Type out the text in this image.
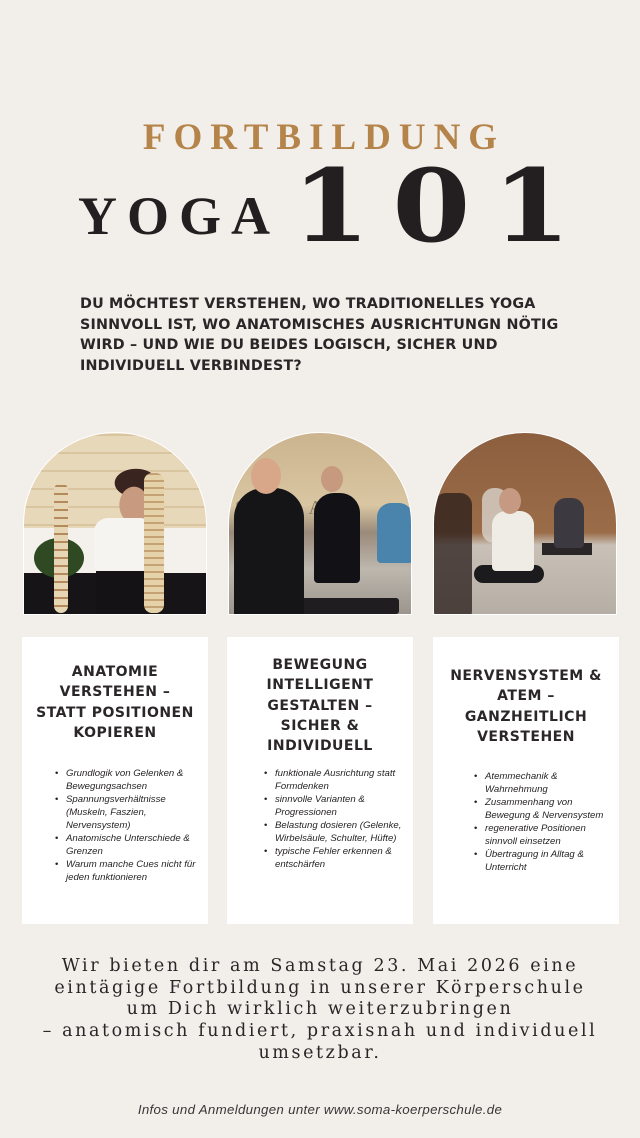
FORTBILDUNG
YOGA 101
DU MÖCHTEST VERSTEHEN, WO TRADITIONELLES YOGA SINNVOLL IST, WO ANATOMISCHES AUSRICHTUNGN NÖTIG WIRD – UND WIE DU BEIDES LOGISCH, SICHER UND INDIVIDUELL VERBINDEST?
ANATOMIE VERSTEHEN – STATT POSITIONEN KOPIEREN
• Grundlogik von Gelenken & Bewegungsachsen
• Spannungsverhältnisse (Muskeln, Faszien, Nervensystem)
• Anatomische Unterschiede & Grenzen
• Warum manche Cues nicht für jeden funktionieren
BEWEGUNG INTELLIGENT GESTALTEN – SICHER & INDIVIDUELL
• funktionale Ausrichtung statt Formdenken
• sinnvolle Varianten & Progressionen
• Belastung dosieren (Gelenke, Wirbelsäule, Schulter, Hüfte)
• typische Fehler erkennen & entschärfen
NERVENSYSTEM & ATEM – GANZHEITLICH VERSTEHEN
• Atemmechanik & Wahrnehmung
• Zusammenhang von Bewegung & Nervensystem
• regenerative Positionen sinnvoll einsetzen
• Übertragung in Alltag & Unterricht
Wir bieten dir am Samstag 23. Mai 2026 eine
eintägige Fortbildung in unserer Körperschule
um Dich wirklich weiterzubringen
– anatomisch fundiert, praxisnah und individuell
umsetzbar.
Infos und Anmeldungen unter www.soma-koerperschule.de
